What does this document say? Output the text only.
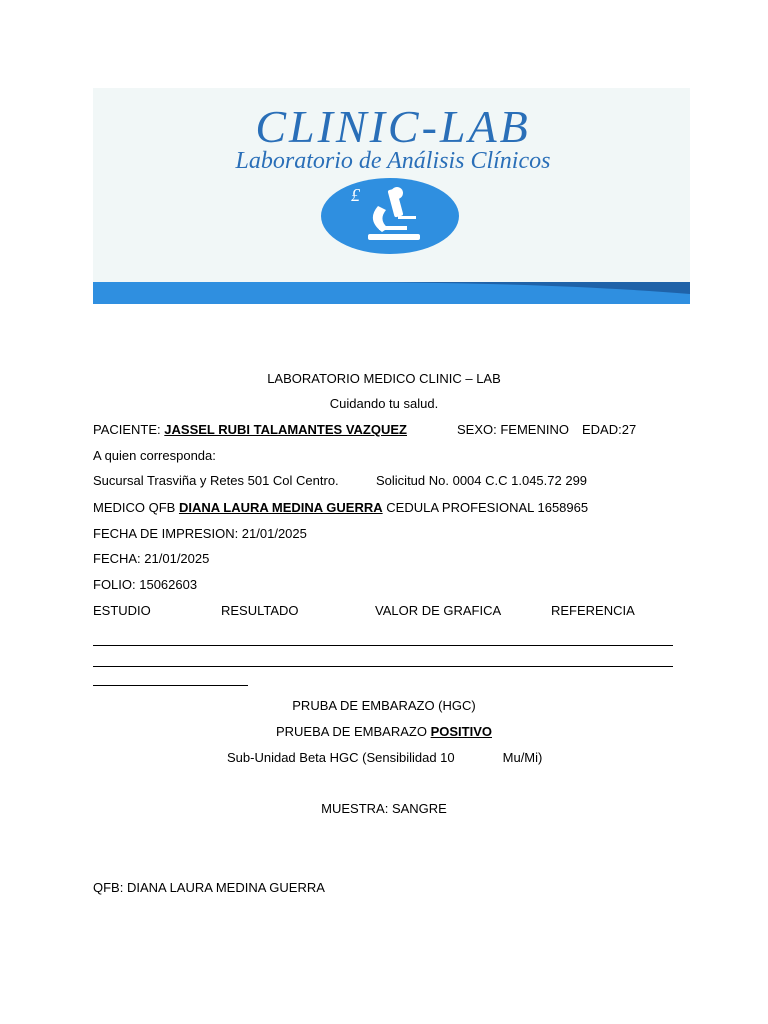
CLINIC-LAB
Laboratorio de Análisis Clínicos
£
LABORATORIO MEDICO CLINIC – LAB
Cuidando tu salud.
PACIENTE: JASSEL RUBI TALAMANTES VAZQUEZ	SEXO: FEMENINO EDAD:27
A quien corresponda:
Sucursal Trasviña y Retes 501 Col Centro.	Solicitud No. 0004 C.C 1.045.72 299
MEDICO QFB DIANA LAURA MEDINA GUERRA CEDULA PROFESIONAL 1658965
FECHA DE IMPRESION: 21/01/2025
FECHA: 21/01/2025
FOLIO: 15062603
ESTUDIO	RESULTADO	VALOR DE GRAFICA	REFERENCIA
PRUBA DE EMBARAZO (HGC)
PRUEBA DE EMBARAZO POSITIVO
Sub-Unidad Beta HGC (Sensibilidad 10	Mu/Mi)
MUESTRA: SANGRE
QFB: DIANA LAURA MEDINA GUERRA
